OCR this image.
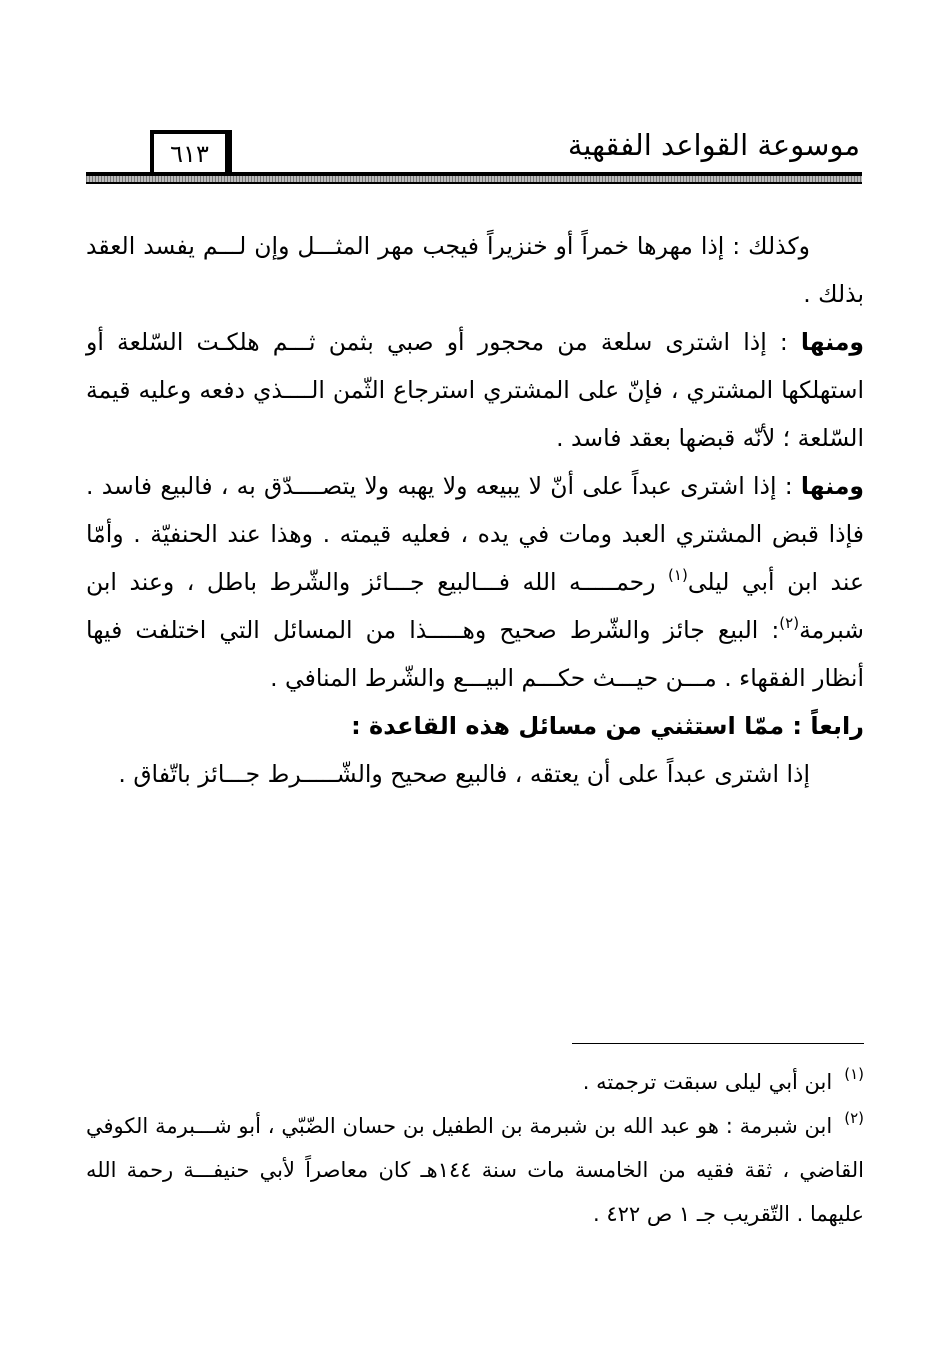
موسوعة القواعد الفقهية
٦١٣

وكذلك : إذا مهرها خمراً أو خنزيراً فيجب مهر المثـــل وإن لـــم يفسد العقد بذلك .

ومنها : إذا اشترى سلعة من محجور أو صبي بثمن ثـــم هلكـت السّلعة أو استهلكها المشتري ، فإنّ على المشتري استرجاع الثّمن الــــذي دفعه وعليه قيمة السّلعة ؛ لأنّه قبضها بعقد فاسد .

ومنها : إذا اشترى عبداً على أنّ لا يبيعه ولا يهبه ولا يتصــــدّق به ، فالبيع فاسد . فإذا قبض المشتري العبد ومات في يده ، فعليه قيمته . وهذا عند الحنفيّة . وأمّا عند ابن أبي ليلى$^{(١)}$ رحمـــــه الله فـــالبيع جـــائز والشّرط باطل ، وعند ابن شبرمة$^{(٢)}$: البيع جائز والشّرط صحيح وهـــــذا من المسائل التي اختلفت فيها أنظار الفقهاء . مـــن حيـــث حكـــم البيـــع والشّرط المنافي .

رابعاً : ممّا استثني من مسائل هذه القاعدة :

إذا اشترى عبداً على أن يعتقه ، فالبيع صحيح والشّـــــرط جـــائز باتّفاق .

$^{(١)}$ابن أبي ليلى سبقت ترجمته .

$^{(٢)}$ابن شبرمة : هو عبد الله بن شبرمة بن الطفيل بن حسان الضّبّي ، أبو شـــبرمة الكوفي القاضي ، ثقة فقيه من الخامسة مات سنة ١٤٤هـ كان معاصراً لأبي حنيفـــة رحمة الله عليهما . التّقريب جـ ١ ص ٤٢٢ .
